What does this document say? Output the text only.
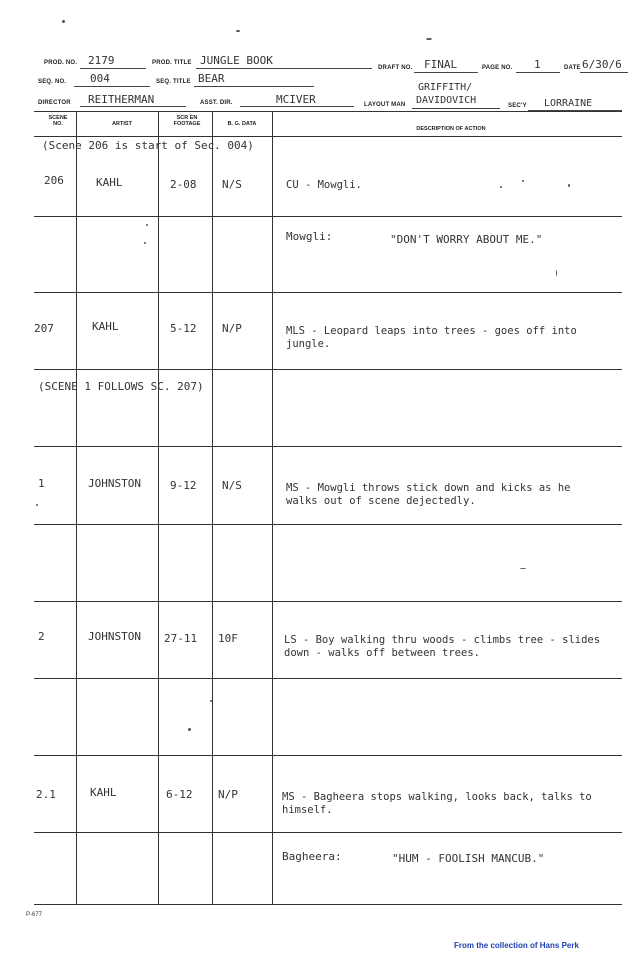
PROD. NO. 2179	PROD. TITLE JUNGLE BOOK
DRAFT NO. FINAL	PAGE NO. 1	DATE 6/30/6
SEQ. NO. 004	SEQ. TITLE BEAR
DIRECTOR REITHERMAN	ASST. DIR.	MCIVER	LAYOUT MAN
GRIFFITH/
DAVIDOVICH	SEC'Y LORRAINE
SCENE NO.	ARTIST
SCR EN FOOTAGE	B. G. DATA
DESCRIPTION OF ACTION
(Scene 206 is start of Sec. 004)
206	KAHL	2-08 N/S	CU - Mowgli.
Mowgli:	"DON'T WORRY ABOUT ME."
207	KAHL	5-12 N/P	MLS - Leopard leaps into trees - goes off into jungle.
(SCENE 1 FOLLOWS SC. 207)
1	JOHNSTON	9-12 N/S	MS - Mowgli throws stick down and kicks as he walks out of scene dejectedly.
2	JOHNSTON 27-11 10F	LS - Boy walking thru woods - climbs tree - slides down - walks off between trees.
2.1	KAHL	6-12 N/P	MS - Bagheera stops walking, looks back, talks to himself.
Bagheera:	"HUM - FOOLISH MANCUB."
P-677
From the collection of Hans Perk
